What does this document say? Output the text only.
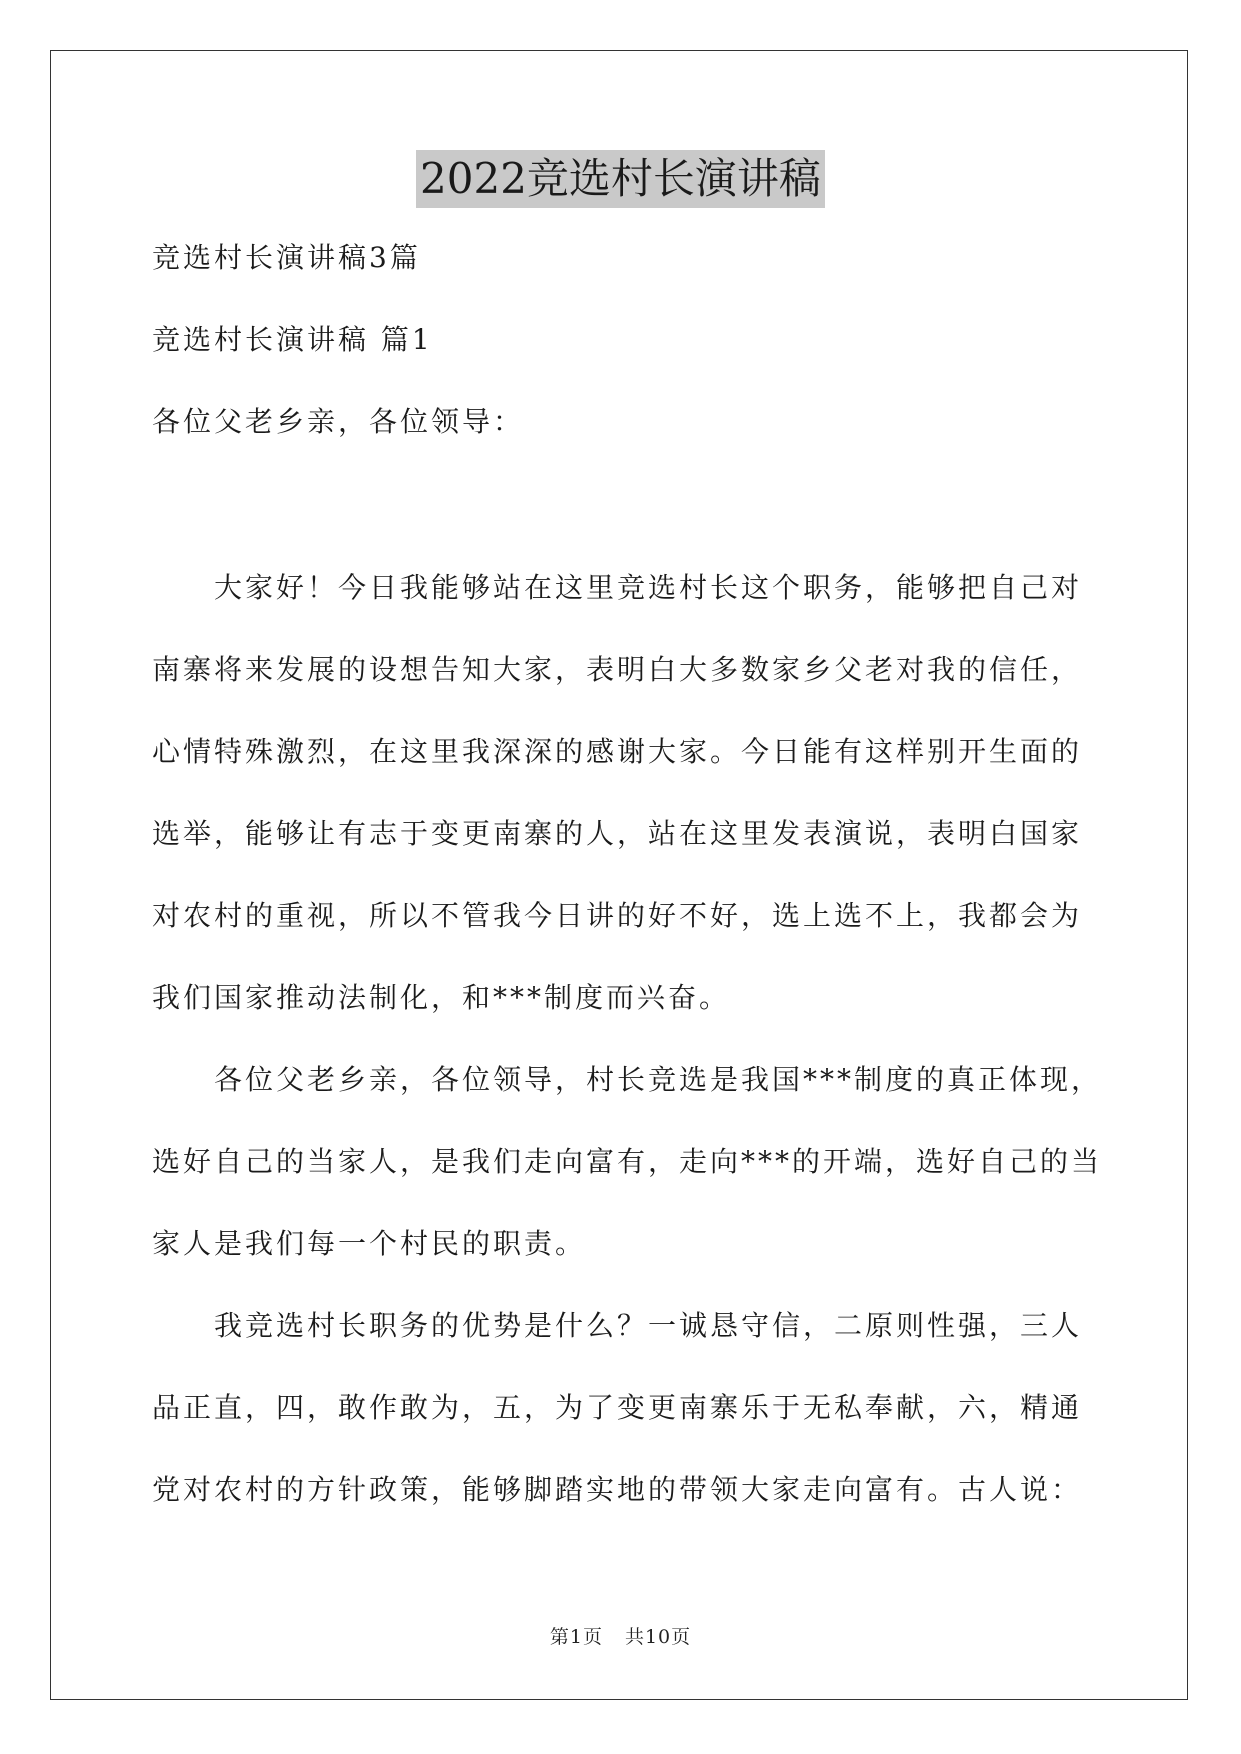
2022竞选村长演讲稿
竞选村长演讲稿3篇
竞选村长演讲稿 篇1
各位父老乡亲，各位领导：
大家好！今日我能够站在这里竞选村长这个职务，能够把自己对
南寨将来发展的设想告知大家，表明白大多数家乡父老对我的信任，
心情特殊激烈，在这里我深深的感谢大家。今日能有这样别开生面的
选举，能够让有志于变更南寨的人，站在这里发表演说，表明白国家
对农村的重视，所以不管我今日讲的好不好，选上选不上，我都会为
我们国家推动法制化，和***制度而兴奋。
各位父老乡亲，各位领导，村长竞选是我国***制度的真正体现，
选好自己的当家人，是我们走向富有，走向***的开端，选好自己的当
家人是我们每一个村民的职责。
我竞选村长职务的优势是什么？一诚恳守信，二原则性强，三人
品正直，四，敢作敢为，五，为了变更南寨乐于无私奉献，六，精通
党对农村的方针政策，能够脚踏实地的带领大家走向富有。古人说：
第1页 共10页
